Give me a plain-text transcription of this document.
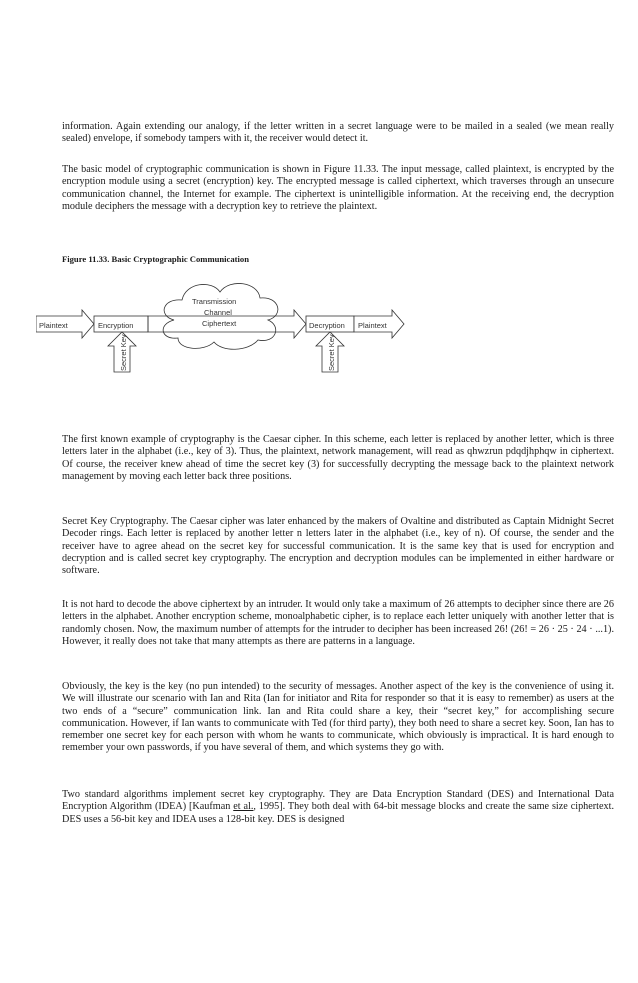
information. Again extending our analogy, if the letter written in a secret language were to be mailed in a sealed (we mean really sealed) envelope, if somebody tampers with it, the receiver would detect it.

The basic model of cryptographic communication is shown in Figure 11.33. The input message, called plaintext, is encrypted by the encryption module using a secret (encryption) key. The encrypted message is called ciphertext, which traverses through an unsecure communication channel, the Internet for example. The ciphertext is unintelligible information. At the receiving end, the decryption module deciphers the message with a decryption key to retrieve the plaintext.

Figure 11.33. Basic Cryptographic Communication

Plaintext	Encryption
Transmission
Channel
Ciphertext	Decryption Plaintext
Secret Key	Secret Key

The first known example of cryptography is the Caesar cipher. In this scheme, each letter is replaced by another letter, which is three letters later in the alphabet (i.e., key of 3). Thus, the plaintext, network management, will read as qhwzrun pdqdjhphqw in ciphertext. Of course, the receiver knew ahead of time the secret key (3) for successfully decrypting the message back to the plaintext network management by moving each letter back three positions.

Secret Key Cryptography. The Caesar cipher was later enhanced by the makers of Ovaltine and distributed as Captain Midnight Secret Decoder rings. Each letter is replaced by another letter n letters later in the alphabet (i.e., key of n). Of course, the sender and the receiver have to agree ahead on the secret key for successful communication. It is the same key that is used for encryption and decryption and is called secret key cryptography. The encryption and decryption modules can be implemented in either hardware or software.

It is not hard to decode the above ciphertext by an intruder. It would only take a maximum of 26 attempts to decipher since there are 26 letters in the alphabet. Another encryption scheme, monoalphabetic cipher, is to replace each letter uniquely with another letter that is randomly chosen. Now, the maximum number of attempts for the intruder to decipher has been increased 26! (26! = 26 · 25 · 24 · ...1). However, it really does not take that many attempts as there are patterns in a language.

Obviously, the key is the key (no pun intended) to the security of messages. Another aspect of the key is the convenience of using it. We will illustrate our scenario with Ian and Rita (Ian for initiator and Rita for responder so that it is easy to remember) as users at the two ends of a “secure” communication link. Ian and Rita could share a key, their “secret key,” for accomplishing secure communication. However, if Ian wants to communicate with Ted (for third party), they both need to share a secret key. Soon, Ian has to remember one secret key for each person with whom he wants to communicate, which obviously is impractical. It is hard enough to remember your own passwords, if you have several of them, and which systems they go with.

Two standard algorithms implement secret key cryptography. They are Data Encryption Standard (DES) and International Data Encryption Algorithm (IDEA) [Kaufman et al., 1995]. They both deal with 64-bit message blocks and create the same size ciphertext. DES uses a 56-bit key and IDEA uses a 128-bit key. DES is designed
